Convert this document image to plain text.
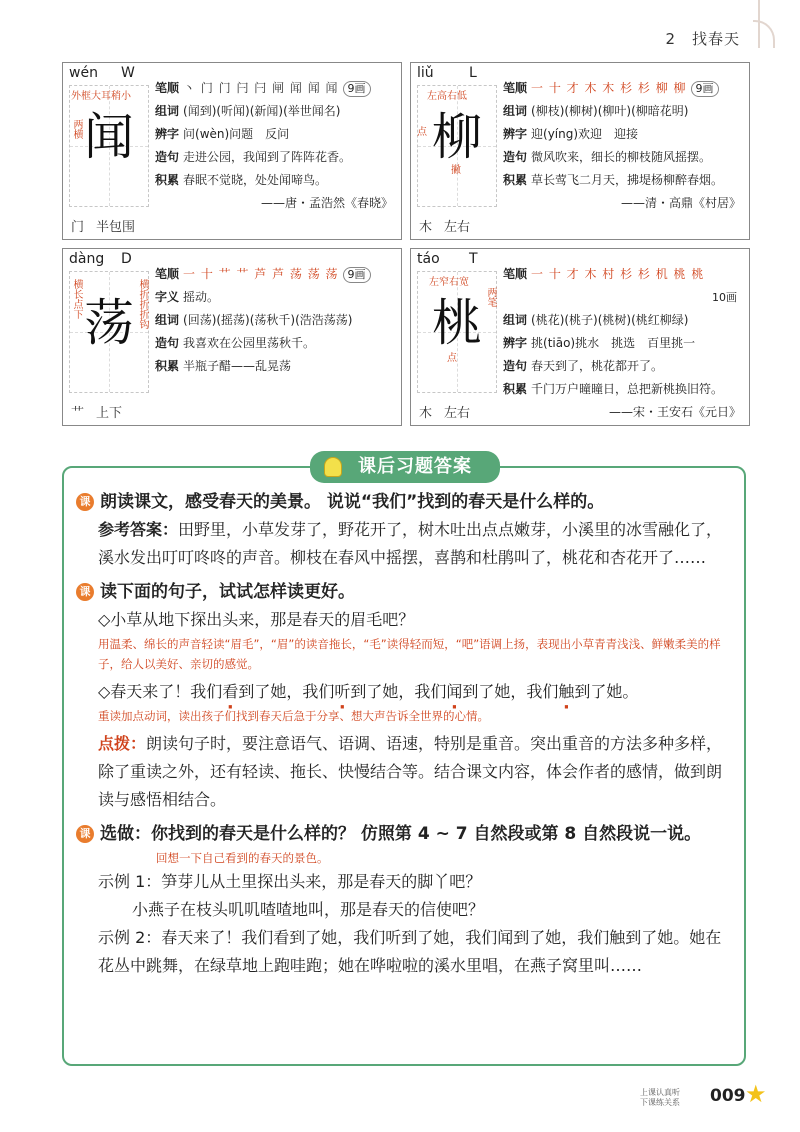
2　找春天
wén W
闻
外框大耳稍小
两横
门 半包围
笔顺 丶 门 门 闩 闩 闸 闻 闻 闻 9画
组词 (闻到)(听闻)(新闻)(举世闻名)
辨字 问(wèn)问题　反问
造句 走进公园，我闻到了阵阵花香。
积累 春眠不觉晓，处处闻啼鸟。
——唐・孟浩然《春晓》
liǔ	L
柳
左高右低
点
撇
木 左右
笔顺 一 十 才 木 木 杉 杉 柳 柳 9画
组词 (柳枝)(柳树)(柳叶)(柳暗花明)
辨字 迎(yíng)欢迎　迎接
造句 微风吹来，细长的柳枝随风摇摆。
积累 草长莺飞二月天，拂堤杨柳醉春烟。
——清・高鼎《村居》
dàng D
荡
横长点下	横折折折钩
艹 上下
笔顺 一 十 艹 艹 芦 芦 荡 荡 荡 9画
字义 摇动。
组词 (回荡)(摇荡)(荡秋千)(浩浩荡荡)
造句 我喜欢在公园里荡秋千。
积累 半瓶子醋——乱晃荡
táo T
桃
左窄右宽
两笔
点
木 左右
笔顺 一 十 才 木 村 杉 杉 机 桃 桃
10画
组词 (桃花)(桃子)(桃树)(桃红柳绿)
辨字 挑(tiāo)挑水　挑选　百里挑一
造句 春天到了，桃花都开了。
积累 千门万户曈曈日，总把新桃换旧符。
——宋・王安石《元日》
课后习题答案
课 朗读课文，感受春天的美景。 说说“我们”找到的春天是什么样的。
参考答案：田野里，小草发芽了，野花开了，树木吐出点点嫩芽，小溪里的冰雪融化了，溪水发出叮叮咚咚的声音。柳枝在春风中摇摆，喜鹊和杜鹃叫了，桃花和杏花开了……
课 读下面的句子，试试怎样读更好。
◇小草从地下探出头来，那是春天的眉毛吧？
用温柔、绵长的声音轻读“眉毛”，“眉”的读音拖长，“毛”读得轻而短，“吧”语调上扬，表现出小草青青浅浅、鲜嫩柔美的样子，给人以美好、亲切的感觉。
◇春天来了！我们看到了她，我们听到了她，我们闻到了她，我们触到了她。
重读加点动词，读出孩子们找到春天后急于分享、想大声告诉全世界的心情。
点拨：朗读句子时，要注意语气、语调、语速，特别是重音。突出重音的方法多种多样，除了重读之外，还有轻读、拖长、快慢结合等。结合课文内容，体会作者的感情，做到朗读与感悟相结合。
课 选做：你找到的春天是什么样的？ 仿照第 4 ~ 7 自然段或第 8 自然段说一说。
回想一下自己看到的春天的景色。
示例 1：笋芽儿从土里探出头来，那是春天的脚丫吧？
小燕子在枝头叽叽喳喳地叫，那是春天的信使吧？
示例 2：春天来了！我们看到了她，我们听到了她，我们闻到了她，我们触到了她。她在花丛中跳舞，在绿草地上跑哇跑；她在哗啦啦的溪水里唱，在燕子窝里叫……
上课认真听
下课练关系 009 ★
